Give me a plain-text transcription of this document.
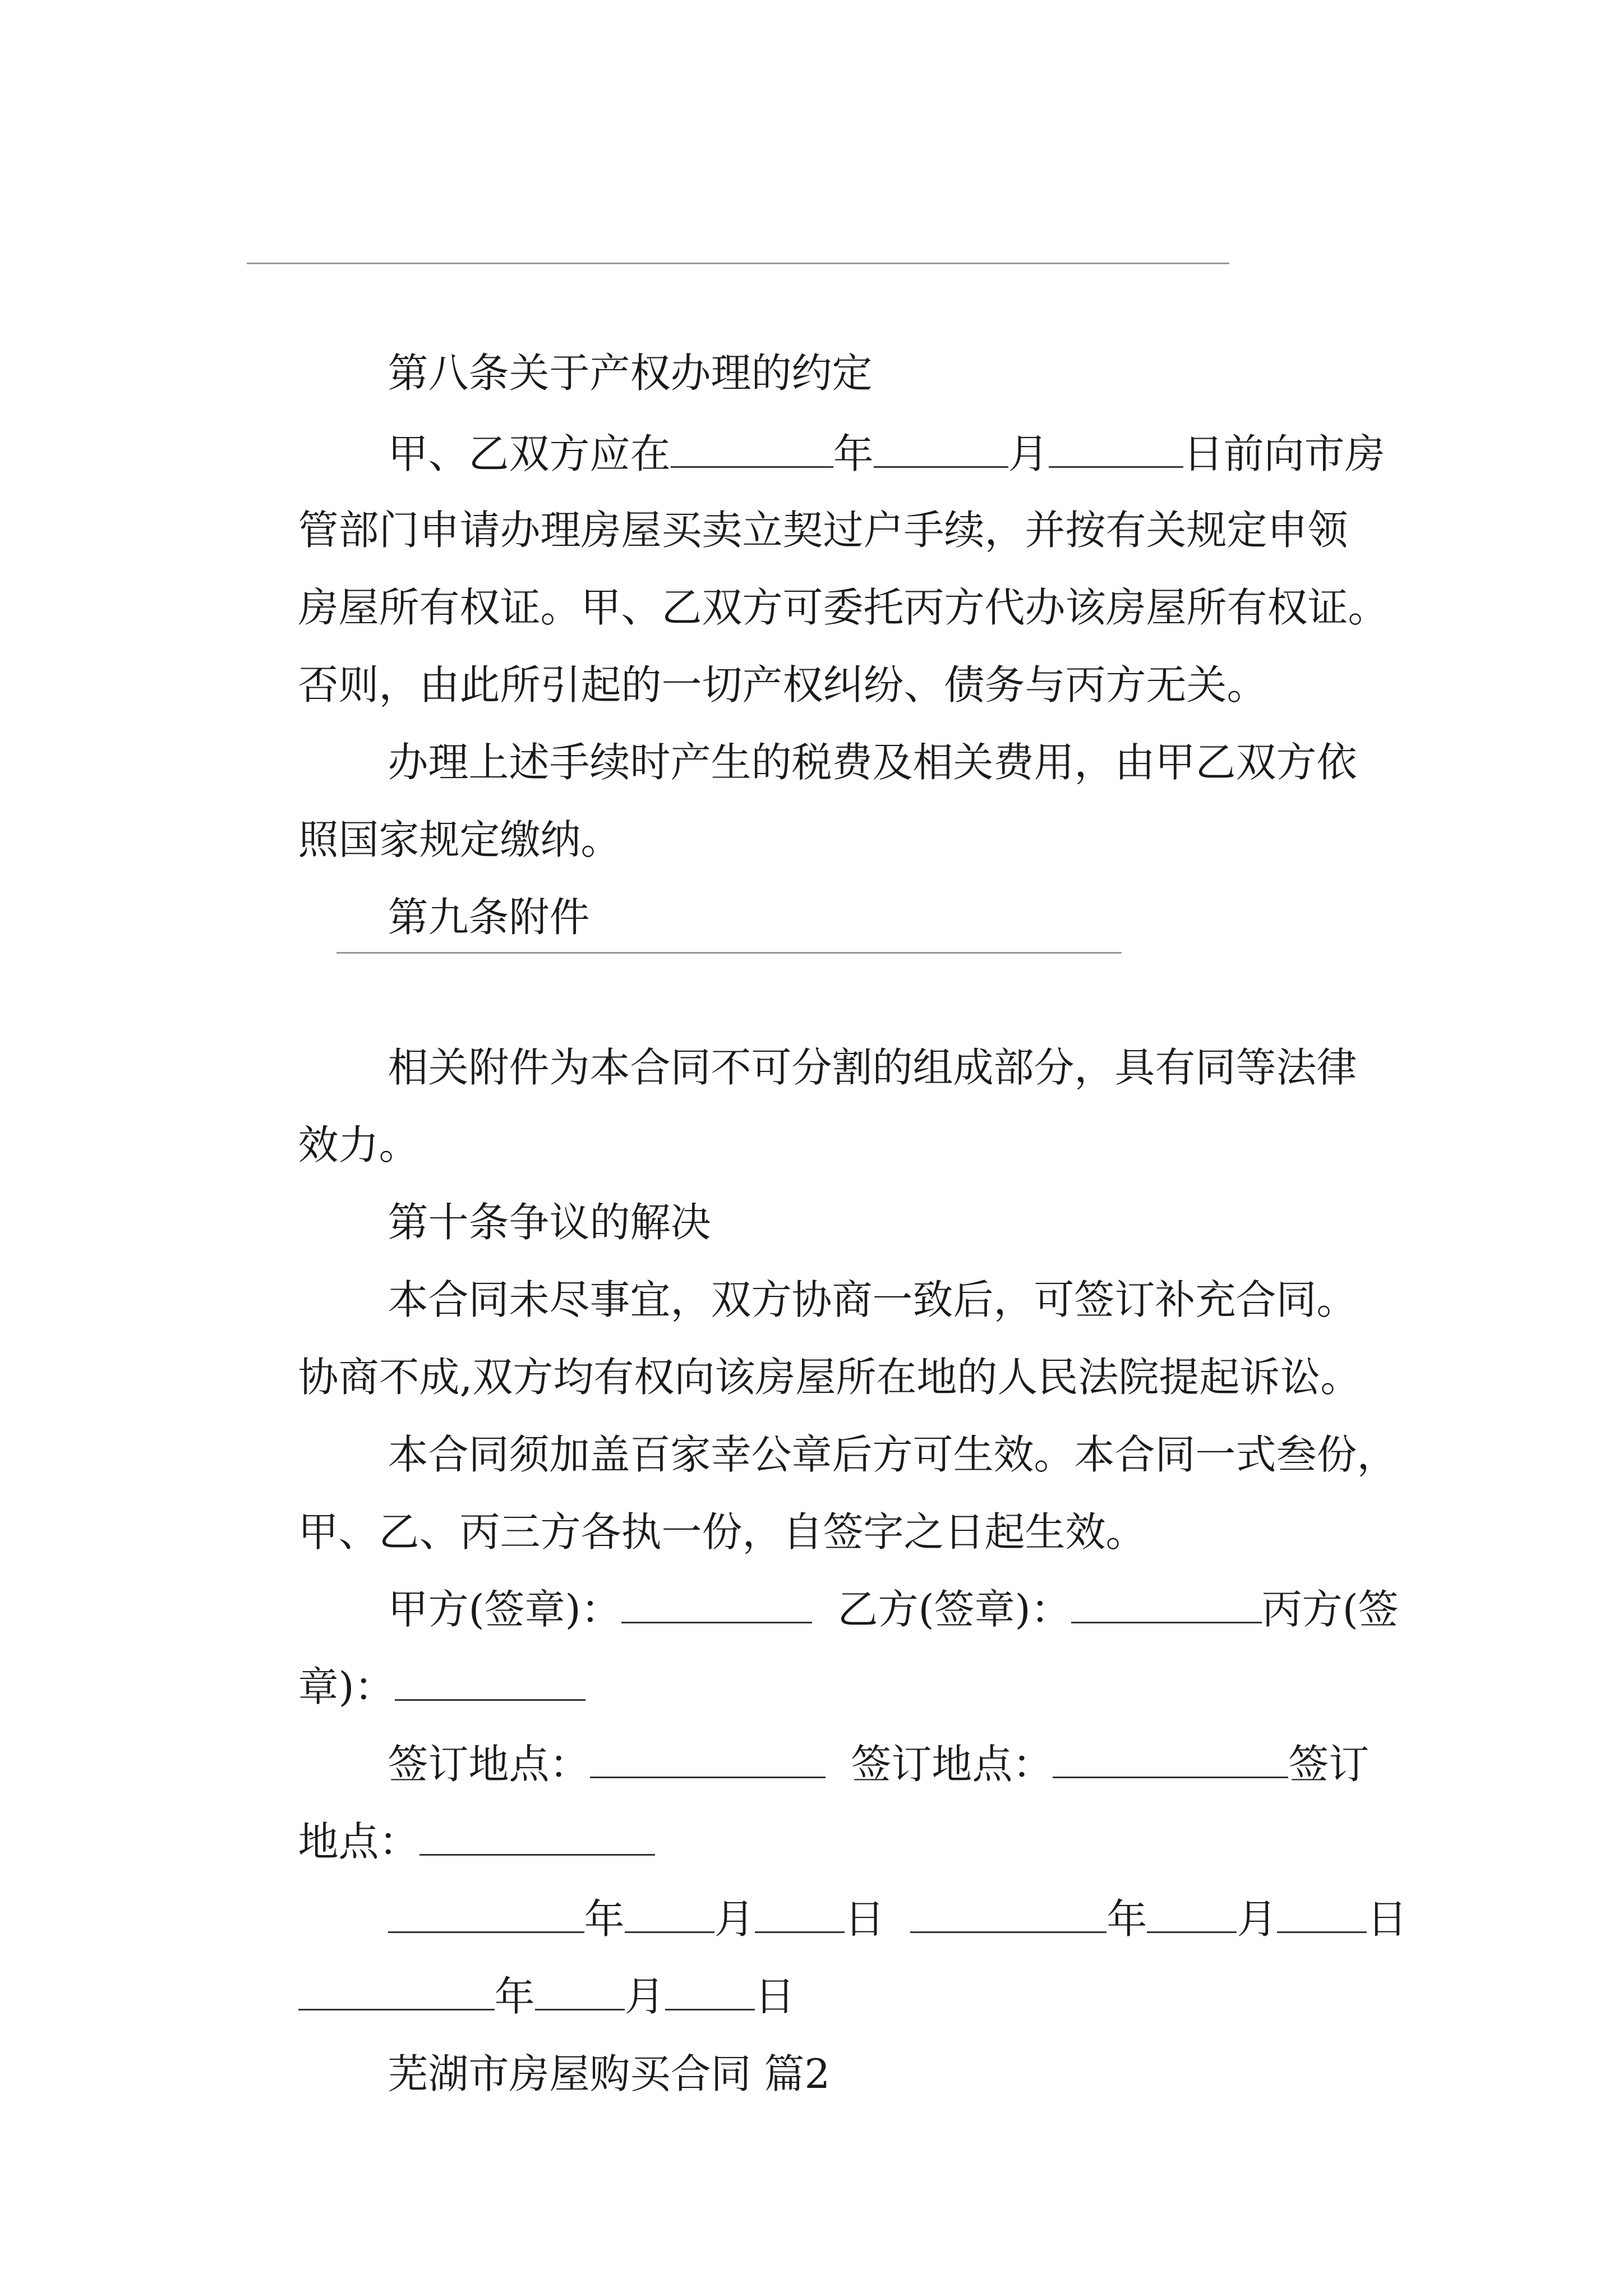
第八条关于产权办理的约定

甲、乙双方应在	年	月	日前向市房

管部门申请办理房屋买卖立契过户手续，并按有关规定申领

房屋所有权证。甲、乙双方可委托丙方代办该房屋所有权证。

否则，由此所引起的一切产权纠纷、债务与丙方无关。

办理上述手续时产生的税费及相关费用，由甲乙双方依

照国家规定缴纳。

第九条附件

相关附件为本合同不可分割的组成部分，具有同等法律

效力。

第十条争议的解决

本合同未尽事宜，双方协商一致后，可签订补充合同。

协商不成,双方均有权向该房屋所在地的人民法院提起诉讼。

本合同须加盖百家幸公章后方可生效。本合同一式叁份，

甲、乙、丙三方各执一份，自签字之日起生效。

甲方(签章)：	乙方(签章)：	丙方(签

章)：

签订地点：	签订地点：	签订

地点：

年 月 日	年 月 日

年 月 日

芜湖市房屋购买合同 篇2
